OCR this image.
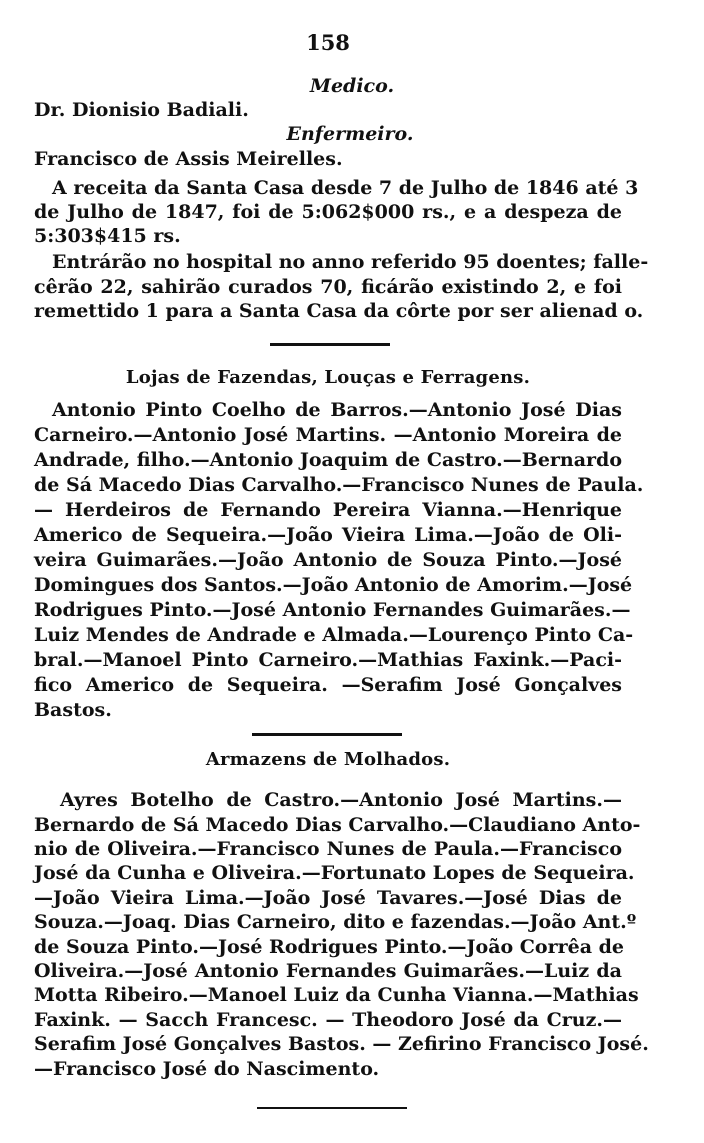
158
Medico.
Dr. Dionisio Badiali.
Enfermeiro.
Francisco de Assis Meirelles.
A receita da Santa Casa desde 7 de Julho de 1846 até 3
de Julho de 1847, foi de 5:062$000 rs., e a despeza de
5:303$415 rs.
Entrárão no hospital no anno referido 95 doentes; falle-
cêrão 22, sahirão curados 70, ficárão existindo 2, e foi
remettido 1 para a Santa Casa da côrte por ser alienad o.
Lojas de Fazendas, Louças e Ferragens.
Antonio Pinto Coelho de Barros.—Antonio José Dias
Carneiro.—Antonio José Martins. —Antonio Moreira de
Andrade, filho.—Antonio Joaquim de Castro.—Bernardo
de Sá Macedo Dias Carvalho.—Francisco Nunes de Paula.
— Herdeiros de Fernando Pereira Vianna.—Henrique
Americo de Sequeira.—João Vieira Lima.—João de Oli-
veira Guimarães.—João Antonio de Souza Pinto.—José
Domingues dos Santos.—João Antonio de Amorim.—José
Rodrigues Pinto.—José Antonio Fernandes Guimarães.—
Luiz Mendes de Andrade e Almada.—Lourenço Pinto Ca-
bral.—Manoel Pinto Carneiro.—Mathias Faxink.—Paci-
fico Americo de Sequeira. —Serafim José Gonçalves
Bastos.
Armazens de Molhados.
Ayres Botelho de Castro.—Antonio José Martins.—
Bernardo de Sá Macedo Dias Carvalho.—Claudiano Anto-
nio de Oliveira.—Francisco Nunes de Paula.—Francisco
José da Cunha e Oliveira.—Fortunato Lopes de Sequeira.
—João Vieira Lima.—João José Tavares.—José Dias de
Souza.—Joaq. Dias Carneiro, dito e fazendas.—João Ant.º
de Souza Pinto.—José Rodrigues Pinto.—João Corrêa de
Oliveira.—José Antonio Fernandes Guimarães.—Luiz da
Motta Ribeiro.—Manoel Luiz da Cunha Vianna.—Mathias
Faxink. — Sacch Francesc. — Theodoro José da Cruz.—
Serafim José Gonçalves Bastos. — Zefirino Francisco José.
—Francisco José do Nascimento.
